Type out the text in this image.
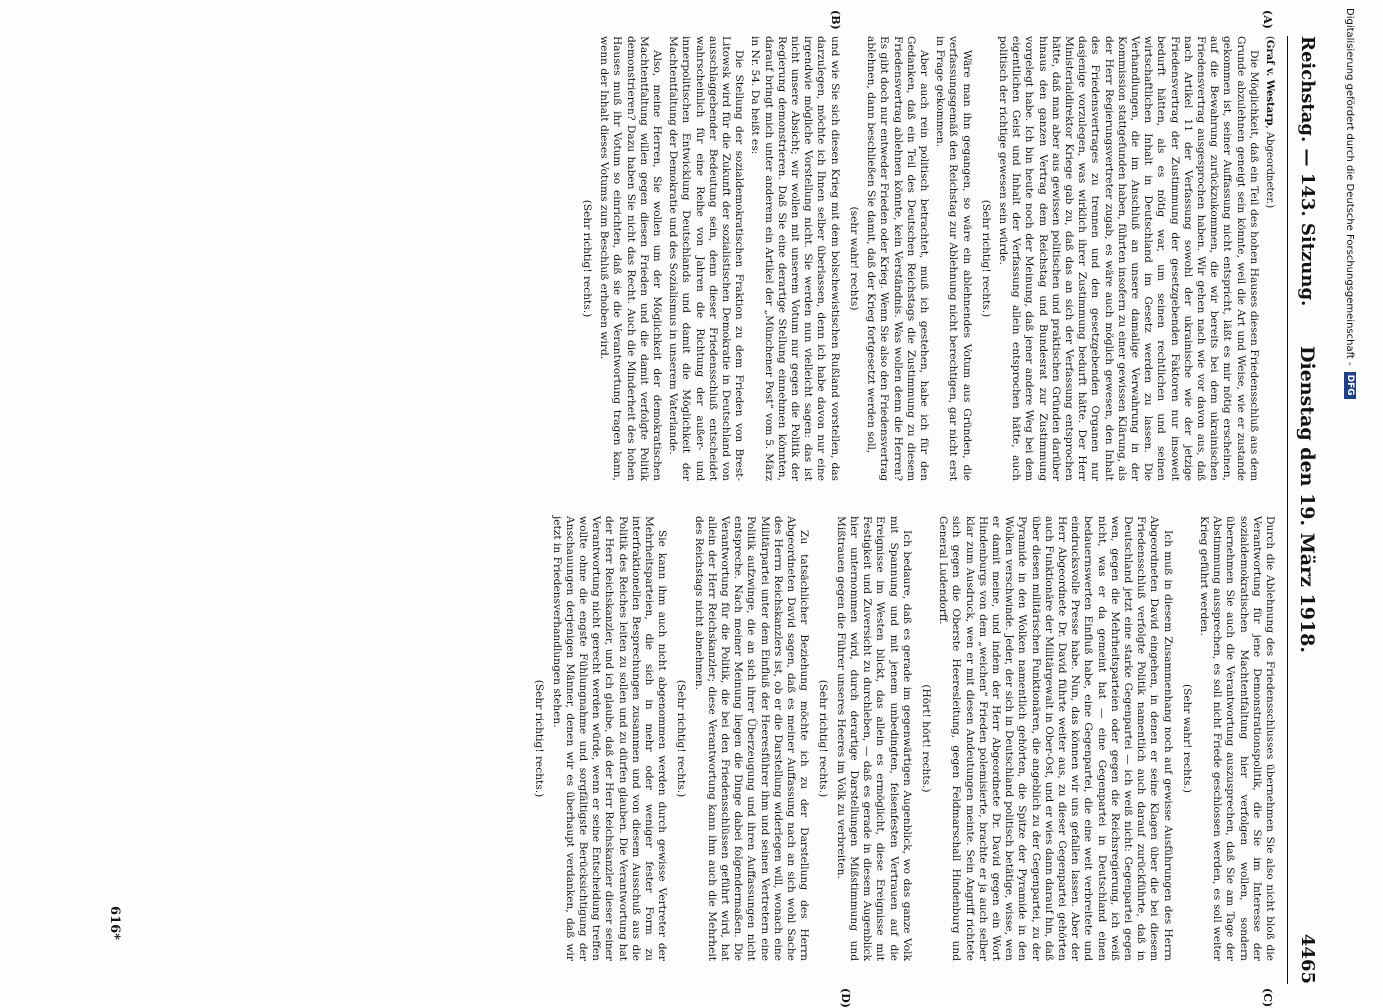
Reichstag. — 143. Sitzung.
Dienstag den 19. März 1918.
4465
(A)
(B)
(C)
(D)

(Graf v. Westarp, Abgeordneter.)

Die Möglichkeit, daß ein Teil des hohen Hauses diesen Friedensschluß aus dem Grunde abzulehnen geneigt sein könnte, weil die Art und Weise, wie er zustande gekommen ist, seiner Auffassung nicht entspricht, läßt es mir nötig erscheinen, auf die Bewahrung zurückzukommen, die wir bereits bei dem ukrainischen Friedensvertrag ausgesprochen haben. Wir gehen nach wie vor davon aus, daß nach Artikel 11 der Verfassung sowohl der ukrainische wie der jetzige Friedensvertrag der Zustimmung der gesetzgebenden Faktoren nur insoweit bedurft hätten, als es nötig war, um seinen rechtlichen und seinen wirtschaftlichen Inhalt in Deutschland im Gesetz werden zu lassen. Die Verhandlungen, die im Anschluß an unsere damalige Verwahrung in der Kommission stattgefunden haben, führten insofern zu einer gewissen Klärung, als der Herr Regierungsvertreter zugab, es wäre auch möglich gewesen, den Inhalt des Friedensvertrages zu trennen und den gesetzgebenden Organen nur dasjenige vorzulegen, was wirklich ihrer Zustimmung bedurft hätte. Der Herr Ministerialdirektor Kriege gab zu, daß das an sich der Verfassung entsprochen hätte, daß man aber aus gewissen politischen und praktischen Gründen darüber hinaus den ganzen Vertrag dem Reichstag und Bundesrat zur Zustimmung vorgelegt habe. Ich bin heute noch der Meinung, daß jener andere Weg bei dem eigentlichen Geist und Inhalt der Verfassung allein entsprochen hätte, auch politisch der richtige gewesen sein würde.

(Sehr richtig! rechts.)

Wäre man ihn gegangen, so wäre ein ablehnendes Votum aus Gründen, die verfassungsgemäß den Reichstag zur Ablehnung nicht berechtigen, gar nicht erst in Frage gekommen.

Aber auch rein politisch betrachtet, muß ich gestehen, habe ich für den Gedanken, daß ein Teil des Deutschen Reichstags die Zustimmung zu diesem Friedensvertrag ablehnen könnte, kein Verständnis. Was wollen denn die Herren? Es gibt doch nur entweder Frieden oder Krieg. Wenn Sie also den Friedensvertrag ablehnen, dann beschließen Sie damit, daß der Krieg fortgesetzt werden soll,

(sehr wahr! rechts)

und wie Sie sich diesen Krieg mit dem bolschewistischen Rußland vorstellen, das darzulegen, möchte ich Ihnen selber überlassen, denn ich habe davon nur eine irgendwie mögliche Vorstellung nicht. Sie werden nun vielleicht sagen: das ist nicht unsere Absicht; wir wollen mit unserem Votum nur gegen die Politik der Regierung demonstrieren. Daß Sie eine derartige Stellung einnehmen könnten, darauf bringt mich unter anderem ein Artikel der „Münchener Post“ vom 5. März in Nr. 54. Da heißt es:

Die Stellung der sozialdemokratischen Fraktion zu dem Frieden von Brest-Litowsk wird für die Zukunft der sozialistischen Demokratie in Deutschland von ausschlaggebender Bedeutung sein, denn dieser Friedensschluß entscheidet wahrscheinlich für eine Reihe von Jahren die Richtung der außer- und innerpolitischen Entwicklung Deutschlands und damit die Möglichkeit der Machtentfaltung der Demokratie und des Sozialismus in unserem Vaterlande.

Also, meine Herren, Sie wollen um der Möglichkeit der demokratischen Machtentfaltung willen gegen diesen Frieden und die damit verfolgte Politik demonstrieren? Dazu haben Sie nicht das Recht. Auch die Minderheit des hohen Hauses muß ihr Votum so einrichten, daß sie die Verantwortung tragen kann, wenn der Inhalt dieses Votums zum Beschluß erhoben wird.

(Sehr richtig! rechts.)

Durch die Ablehnung des Friedensschlusses übernehmen Sie also nicht bloß die Verantwortung für jene Demonstrationspolitik, die Sie im Interesse der sozialdemokratischen Machtentfaltung hier verfolgen wollen, sondern übernehmen Sie auch die Verantwortung auszusprechen, daß Sie am Tage der Abstimmung aussprechen, es soll nicht Friede geschlossen werden, es soll weiter Krieg geführt werden.

(Sehr wahr! rechts.)

Ich muß in diesem Zusammenhang noch auf gewisse Ausführungen des Herrn Abgeordneten David eingehen, in denen er seine Klagen über die bei diesem Friedensschluß verfolgte Politik namentlich auch darauf zurückführte, daß in Deutschland jetzt eine starke Gegenpartei — ich weiß nicht: Gegenpartei gegen wen, gegen die Mehrheitsparteien oder gegen die Reichsregierung, ich weiß nicht, was er da gemeint hat — eine Gegenpartei in Deutschland einen bedauernswerten Einfluß habe, eine Gegenpartei, die eine weit verbreitete und eindrucksvolle Presse habe. Nun, das können wir uns gefallen lassen. Aber der Herr Abgeordnete Dr. David führte weiter aus, zu dieser Gegenpartei gehörten auch Funktionäre der Militärgewalt in Ober-Ost, und er wies dann darauf hin, daß über diesen militärischen Funktionären, die angeblich zu der Gegenpartei, zu der Pyramide in den Wolken namentlich gehörten, die Spitze der Pyramide in den Wolken verschwinde. Jeder, der sich in Deutschland politisch betätige, wisse, wen er damit meine, und indem der Herr Abgeordnete Dr. David gegen ein Wort Hindenburgs von dem „weichen“ Frieden polemisierte, brachte er ja auch selber klar zum Ausdruck, wen er mit diesen Andeutungen meinte. Sein Angriff richtete sich gegen die Oberste Heeresleitung, gegen Feldmarschall Hindenburg und General Ludendorff.

(Hört! hört! rechts.)

Ich bedaure, daß es gerade im gegenwärtigen Augenblick, wo das ganze Volk mit Spannung und mit jenem unbedingten, felsenfesten Vertrauen auf die Ereignisse im Westen blickt, das allein es ermöglicht, diese Ereignisse mit Festigkeit und Zuversicht zu durchleben, — daß es gerade in diesem Augenblick hier unternommen wird, durch derartige Darstellungen Mißstimmung und Mißtrauen gegen die Führer unseres Heeres im Volk zu verbreiten.

(Sehr richtig! rechts.)

Zu tatsächlicher Beziehung möchte ich zu der Darstellung des Herrn Abgeordneten David sagen, daß es meiner Auffassung nach an sich wohl Sache des Herrn Reichskanzlers ist, ob er die Darstellung widerlegen will, wonach eine Militärpartei unter dem Einfluß der Heeresführer ihm und seinen Vertretern eine Politik aufzwinge, die an sich ihrer Überzeugung und ihren Auffassungen nicht entspreche. Nach meiner Meinung liegen die Dinge dabei folgendermaßen. Die Verantwortung für die Politik, die bei den Friedensschlüssen geführt wird, hat allein der Herr Reichskanzler; diese Verantwortung kann ihm auch die Mehrheit des Reichstags nicht abnehmen.

(Sehr richtig! rechts.)

Sie kann ihm auch nicht abgenommen werden durch gewisse Vertreter der Mehrheitsparteien, die sich in mehr oder weniger fester Form zu interfraktionellen Besprechungen zusammen und von diesem Ausschuß aus die Politik des Reiches leiten zu sollen und zu dürfen glauben. Die Verantwortung hat der Herr Reichskanzler, und ich glaube, daß der Herr Reichskanzler dieser seiner Verantwortung nicht gerecht werden würde, wenn er seine Entscheidung treffen wollte ohne die engste Fühlungnahme und sorgfältigste Berücksichtigung der Anschauungen derjenigen Männer, denen wir es überhaupt verdanken, daß wir jetzt in Friedensverhandlungen stehen.

(Sehr richtig! rechts.)

616*
Digitalisierung gefördert durch die Deutsche Forschungsgemeinschaft -
DFG
